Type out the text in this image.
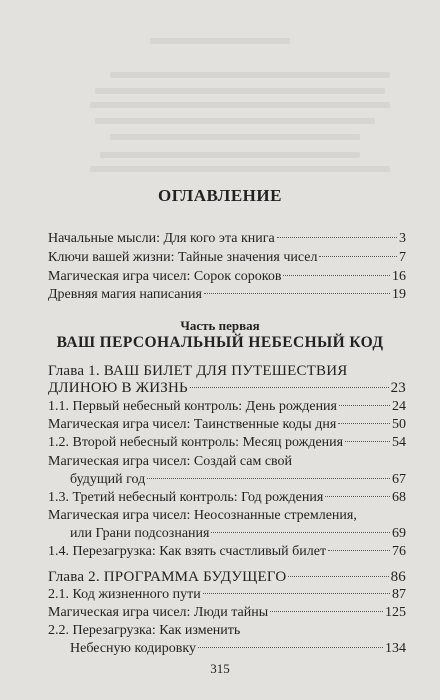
ОГЛАВЛЕНИЕ
Начальные мысли: Для кого эта книга	3
Ключи вашей жизни: Тайные значения чисел	7
Магическая игра чисел: Сорок сороков	16
Древняя магия написания	19
Часть первая
ВАШ ПЕРСОНАЛЬНЫЙ НЕБЕСНЫЙ КОД
Глава 1. ВАШ БИЛЕТ ДЛЯ ПУТЕШЕСТВИЯ
ДЛИНОЮ В ЖИЗНЬ	23
1.1. Первый небесный контроль: День рождения	24
Магическая игра чисел: Таинственные коды дня	50
1.2. Второй небесный контроль: Месяц рождения	54
Магическая игра чисел: Создай сам свой
будущий год	67
1.3. Третий небесный контроль: Год рождения	68
Магическая игра чисел: Неосознанные стремления,
или Грани подсознания	69
1.4. Перезагрузка: Как взять счастливый билет	76
Глава 2. ПРОГРАММА БУДУЩЕГО	86
2.1. Код жизненного пути	87
Магическая игра чисел: Люди тайны	125
2.2. Перезагрузка: Как изменить
Небесную кодировку	134
315
